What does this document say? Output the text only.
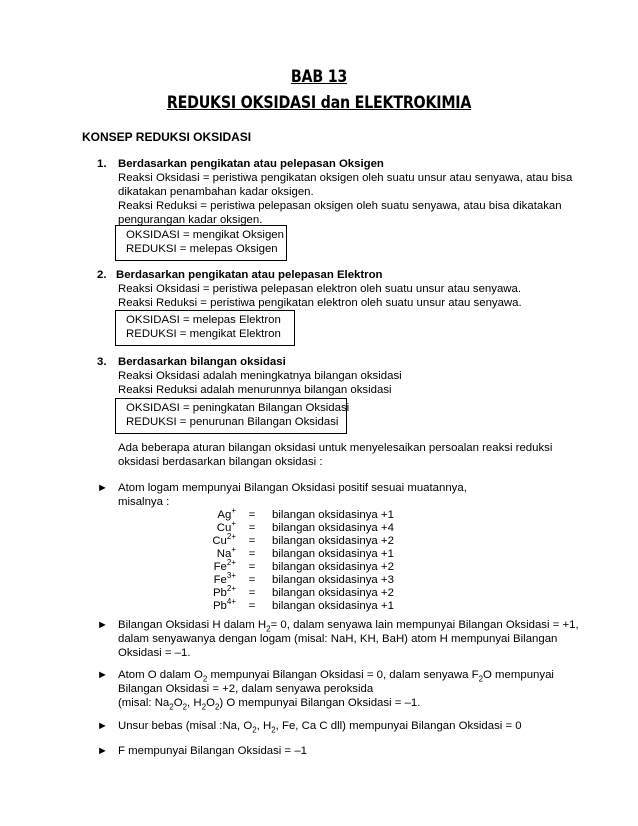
BAB 13
REDUKSI OKSIDASI dan ELEKTROKIMIA
KONSEP REDUKSI OKSIDASI
1. Berdasarkan pengikatan atau pelepasan Oksigen
Reaksi Oksidasi = peristiwa pengikatan oksigen oleh suatu unsur atau senyawa, atau bisa
dikatakan penambahan kadar oksigen.
Reaksi Reduksi = peristiwa pelepasan oksigen oleh suatu senyawa, atau bisa dikatakan
pengurangan kadar oksigen.
OKSIDASI = mengikat Oksigen
REDUKSI = melepas Oksigen
2. Berdasarkan pengikatan atau pelepasan Elektron
Reaksi Oksidasi = peristiwa pelepasan elektron oleh suatu unsur atau senyawa.
Reaksi Reduksi = peristiwa pengikatan elektron oleh suatu unsur atau senyawa.
OKSIDASI = melepas Elektron
REDUKSI = mengikat Elektron
3. Berdasarkan bilangan oksidasi
Reaksi Oksidasi adalah meningkatnya bilangan oksidasi
Reaksi Reduksi adalah menurunnya bilangan oksidasi
OKSIDASI = peningkatan Bilangan Oksidasi
REDUKSI = penurunan Bilangan Oksidasi
Ada beberapa aturan bilangan oksidasi untuk menyelesaikan persoalan reaksi reduksi
oksidasi berdasarkan bilangan oksidasi :
► Atom logam mempunyai Bilangan Oksidasi positif sesuai muatannya,
misalnya :
Ag+	=	bilangan oksidasinya +1
Cu+	=	bilangan oksidasinya +4
$Cu^{2+}$	=	bilangan oksidasinya +2
Na+	=	bilangan oksidasinya +1
$Fe^{2+}$	=	bilangan oksidasinya +2
$Fe^{3+}$	=	bilangan oksidasinya +3
$Pb^{2+}$	=	bilangan oksidasinya +2
$Pb^{4+}$	=	bilangan oksidasinya +1
► Bilangan Oksidasi H dalam $H_2= 0$, dalam senyawa lain mempunyai Bilangan Oksidasi = +1,
dalam senyawanya dengan logam (misal: NaH, KH, BaH) atom H mempunyai Bilangan
Oksidasi = –1.
► Atom O dalam $O_2$ mempunyai Bilangan Oksidasi = 0, dalam senyawa $F_2O$ mempunyai
Bilangan Oksidasi = +2, dalam senyawa peroksida
(misal: $Na_2O_2$, $H_2O_2$) O mempunyai Bilangan Oksidasi = –1.
► Unsur bebas (misal :Na, $O_2$, $H_2$, Fe, Ca C dll) mempunyai Bilangan Oksidasi = 0
► F mempunyai Bilangan Oksidasi = –1
